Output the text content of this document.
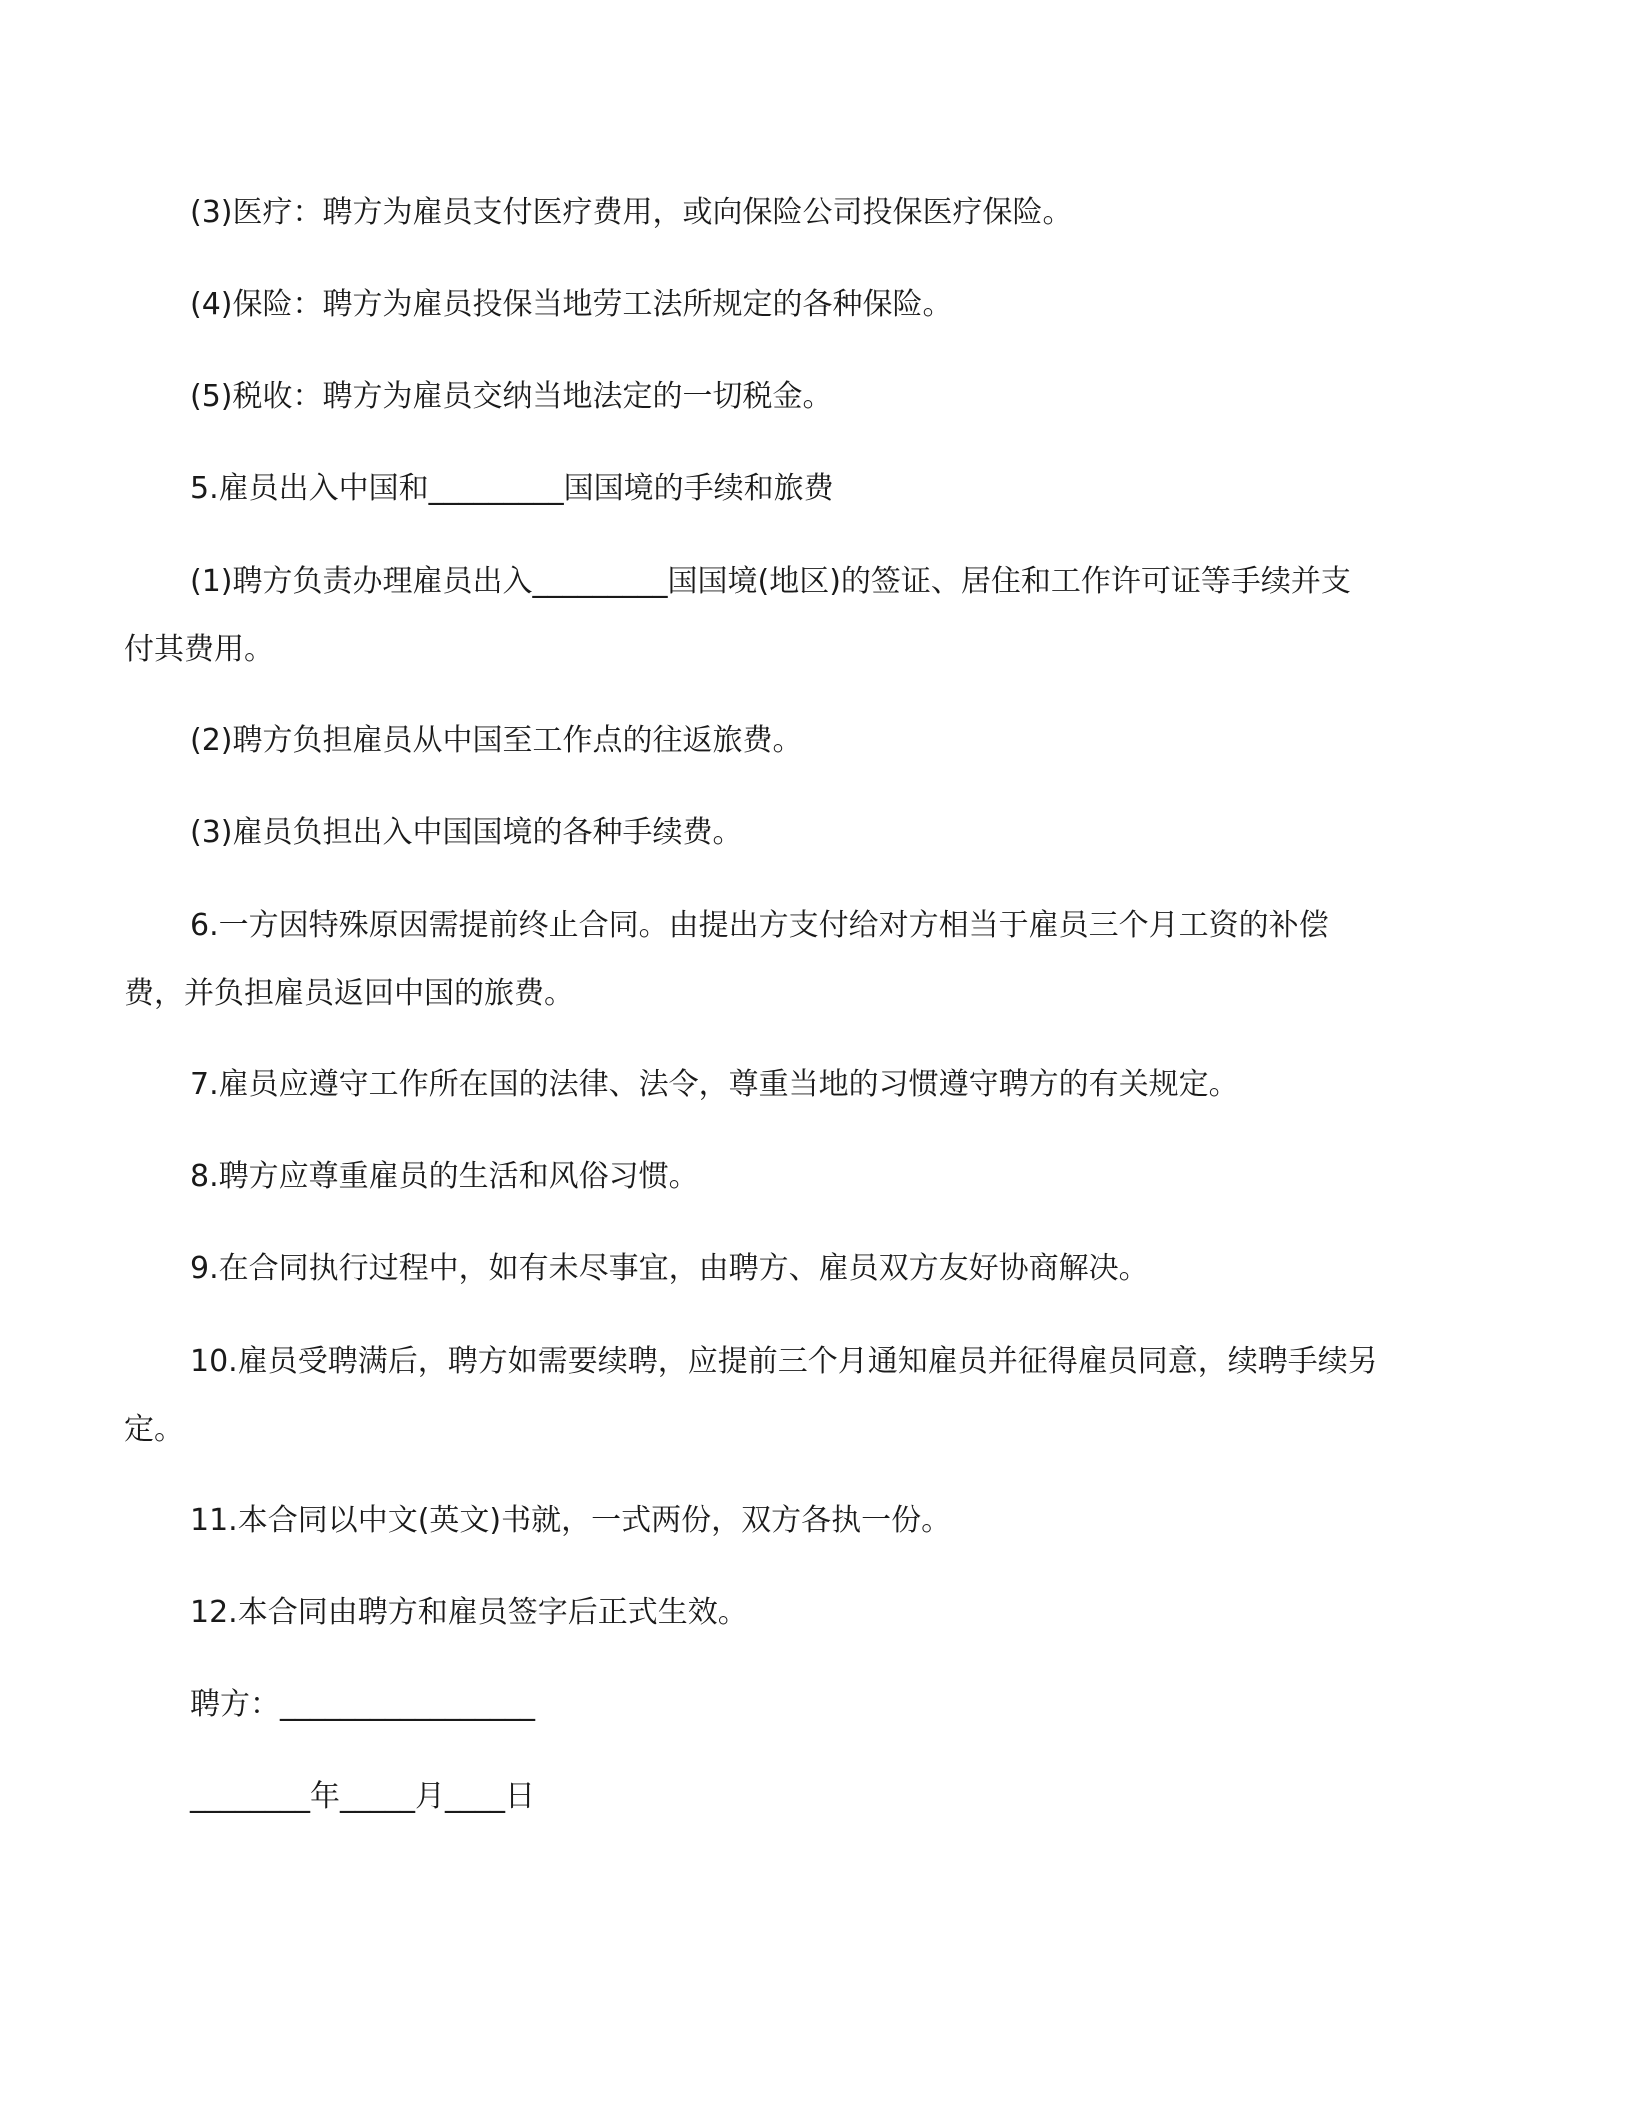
(3)医疗：聘方为雇员支付医疗费用，或向保险公司投保医疗保险。

(4)保险：聘方为雇员投保当地劳工法所规定的各种保险。

(5)税收：聘方为雇员交纳当地法定的一切税金。

5.雇员出入中国和_________国国境的手续和旅费

(1)聘方负责办理雇员出入_________国国境(地区)的签证、居住和工作许可证等手续并支付其费用。

(2)聘方负担雇员从中国至工作点的往返旅费。

(3)雇员负担出入中国国境的各种手续费。

6.一方因特殊原因需提前终止合同。由提出方支付给对方相当于雇员三个月工资的补偿费，并负担雇员返回中国的旅费。

7.雇员应遵守工作所在国的法律、法令，尊重当地的习惯遵守聘方的有关规定。

8.聘方应尊重雇员的生活和风俗习惯。

9.在合同执行过程中，如有未尽事宜，由聘方、雇员双方友好协商解决。

10.雇员受聘满后，聘方如需要续聘，应提前三个月通知雇员并征得雇员同意，续聘手续另定。

11.本合同以中文(英文)书就，一式两份，双方各执一份。

12.本合同由聘方和雇员签字后正式生效。

聘方：_________________

________年_____月____日
